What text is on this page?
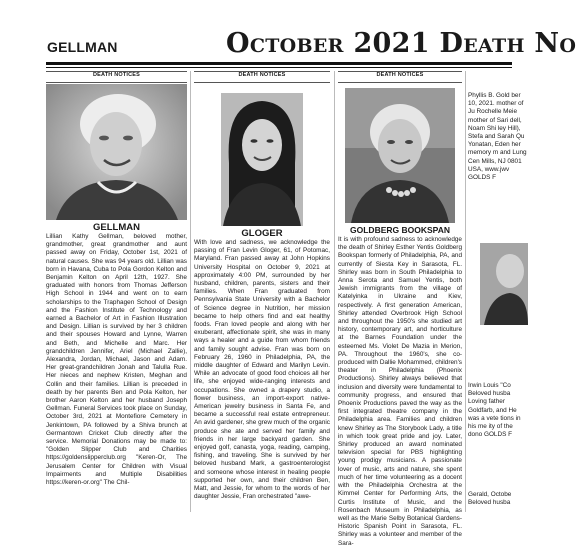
GELLMAN	October 2021 Death No
DEATH NOTICES
GELLMAN

Lillian Kathy Gellman, beloved mother, grandmother, great grandmother and aunt passed away on Friday, October 1st, 2021 of natural causes. She was 94 years old. Lillian was born in Havana, Cuba to Pola Gordon Kelton and Benjamin Kelton on April 12th, 1927. She graduated with honors from Thomas Jefferson High School in 1944 and went on to earn scholarships to the Traphagen School of Design and the Fashion Institute of Technology and earned a Bachelor of Art in Fashion Illustration and Design. Lillian is survived by her 3 children and their spouses Howard and Lynne, Warren and Beth, and Michelle and Marc. Her grandchildren Jennifer, Ariel (Michael Zallie), Alexandra, Jordan, Michael, Jason and Adam. Her great-grandchildren Jonah and Talulla Rue. Her nieces and nephew Kristen, Meghan and Collin and their families. Lillian is preceded in death by her parents Ben and Pola Kelton, her brother Aaron Kelton and her husband Joseph Gellman. Funeral Services took place on Sunday, October 3rd, 2021 at Montefiore Cemetery in Jenkintown, PA followed by a Shiva brunch at Germantown Cricket Club directly after the service. Memorial Donations may be made to: "Golden Slipper Club and Charities https://goldenslipperclub.org "Keren-Or, The Jerusalem Center for Children with Visual Impairments and Multiple Disabilities https://keren-or.org" The Chil-

DEATH NOTICES
GLOGER

With love and sadness, we acknowledge the passing of Fran Levin Gloger, 61, of Potomac, Maryland. Fran passed away at John Hopkins University Hospital on October 9, 2021 at approximately 4:00 PM, surrounded by her husband, children, parents, sisters and their families. When Fran graduated from Pennsylvania State University with a Bachelor of Science degree in Nutrition, her mission became to help others find and eat healthy foods. Fran loved people and along with her exuberant, affectionate spirit, she was in many ways a healer and a guide from whom friends and family sought advise. Fran was born on February 26, 1960 in Philadelphia, PA, the middle daughter of Edward and Marilyn Levin. While an advocate of good food choices all her life, she enjoyed wide-ranging interests and occupations. She owned a drapery studio, a flower business, an import-export native-American jewelry business in Santa Fe, and became a successful real estate entrepreneur. An avid gardener, she grew much of the organic produce she ate and served her family and friends in her large backyard garden. She enjoyed golf, canasta, yoga, reading, camping, fishing, and traveling. She is survived by her beloved husband Mark, a gastroenterologist and someone whose interest in healing people supported her own, and their children Ben, Matt, and Jessie, for whom to the words of her daughter Jessie, Fran orchestrated "awe-

DEATH NOTICES
GOLDBERG BOOKSPAN

It is with profound sadness to acknowledge the death of Shirley Esther Yentis Goldberg Bookspan formerly of Philadelphia, PA, and currently of Siesta Key in Sarasota, FL. Shirley was born in South Philadelphia to Anna Serota and Samuel Yentis, both Jewish immigrants from the village of Katelyinka in Ukraine and Kiev, respectively. A first generation American, Shirley attended Overbrook High School and throughout the 1950's she studied art history, contemporary art, and horticulture at the Barnes Foundation under the esteemed Ms. Violet De Mazia in Merion, PA. Throughout the 1960's, she co-produced with Dallie Mohammed, children's theater in Philadelphia (Phoenix Productions). Shirley always believed that inclusion and diversity were fundamental to community progress, and ensured that Phoenix Productions paved the way as the first integrated theatre company in the Philadelphia area. Families and children knew Shirley as The Storybook Lady, a title in which took great pride and joy. Later, Shirley produced an award nominated television special for PBS highlighting young prodigy musicians. A passionate lover of music, arts and nature, she spent much of her time volunteering as a docent with the Philadelphia Orchestra at the Kimmel Center for Performing Arts, the Curtis Institute of Music, and the Rosenbach Museum in Philadelphia, as well as the Marie Selby Botanical Gardens-Historic Spanish Point in Sarasota, FL. Shirley was a volunteer and member of the Sara-

Phyllis B. Gold ber 10, 2021. mother of Ju Rochelle Meie mother of Sari dell, Noam Shi ley Hill), Stefa and Sarah Qu Yonatan, Eden her memory m and Lung Cen Mills, NJ 0801 USA, www.jwv GOLDS F

Irwin Louis "Co Beloved husba Loving father Goldfarb, and He was a vete tions in his me ity of the dono GOLDS F

Gerald, Octobe Beloved husba
